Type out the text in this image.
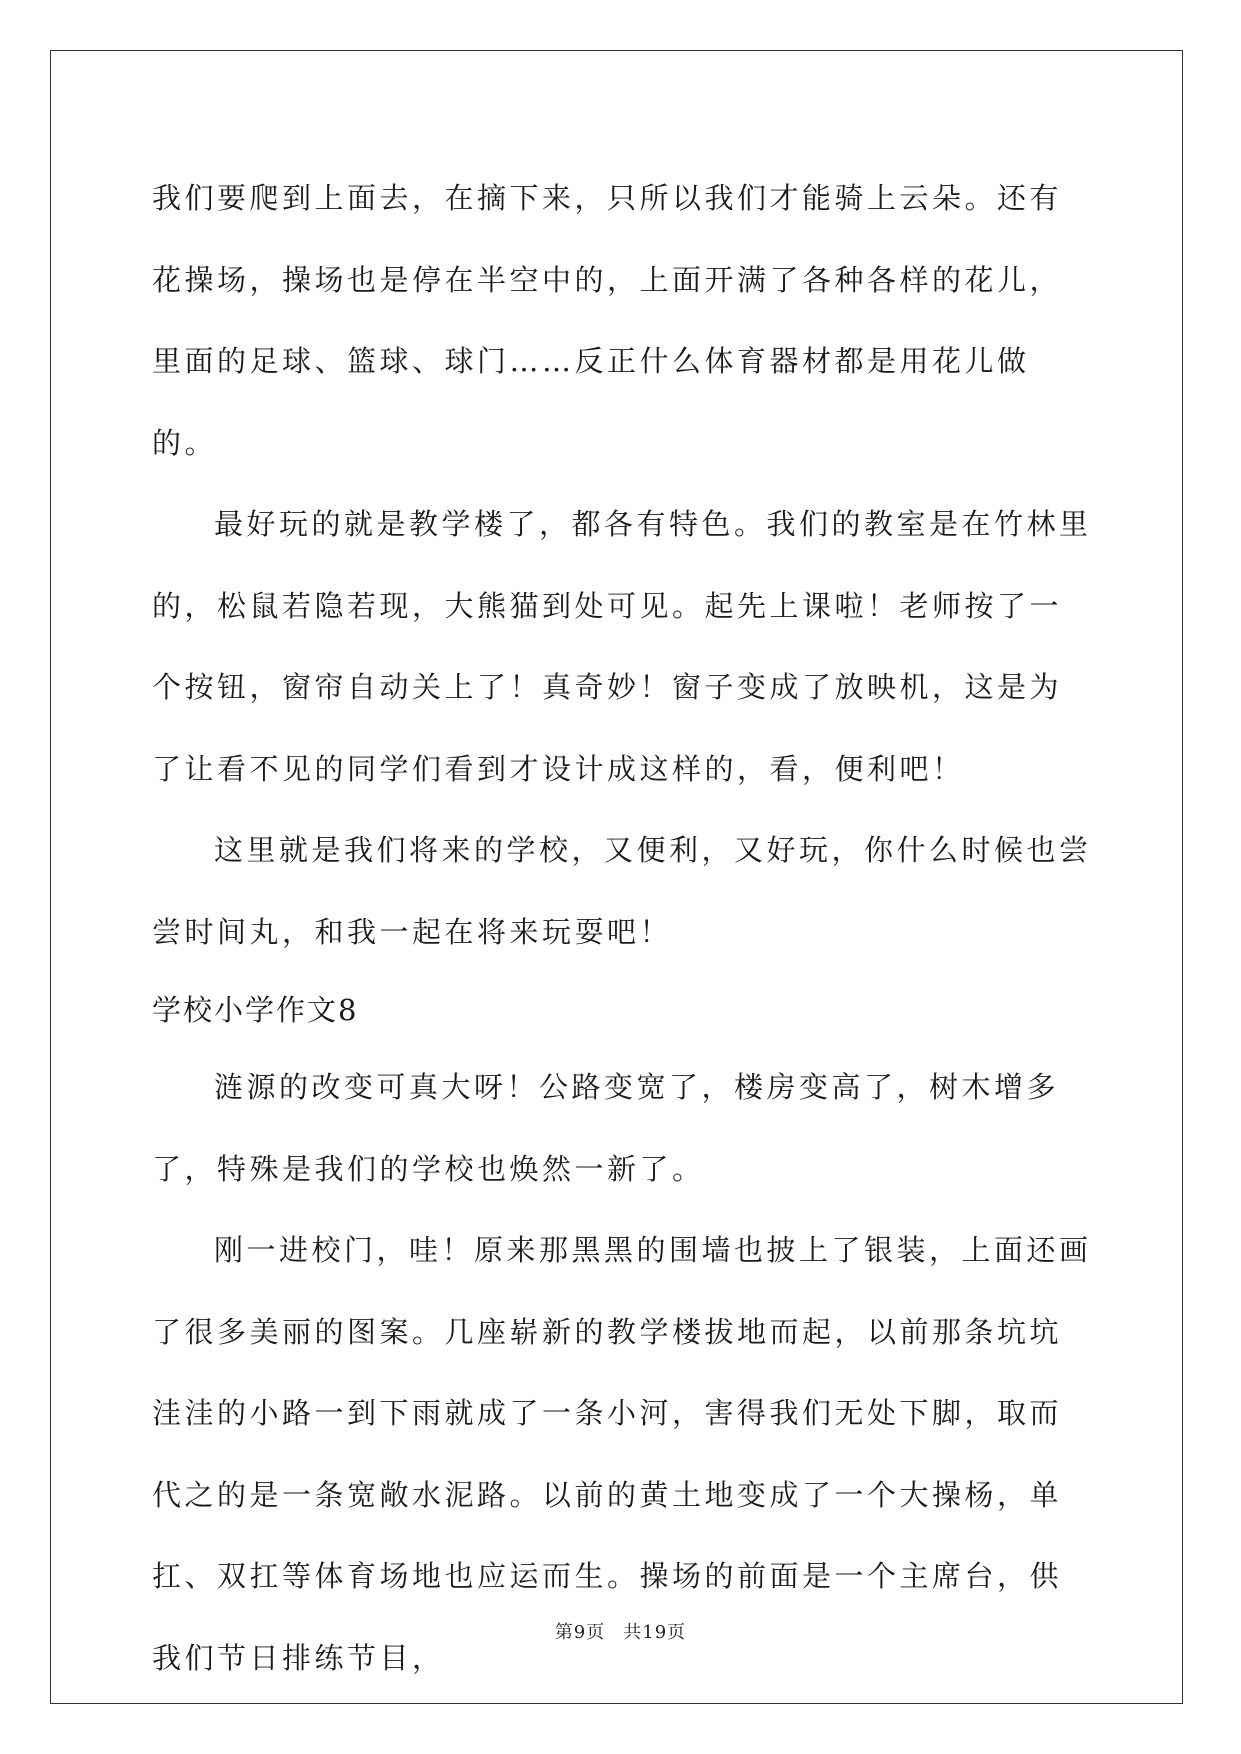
我们要爬到上面去，在摘下来，只所以我们才能骑上云朵。还有花操场，操场也是停在半空中的，上面开满了各种各样的花儿，里面的足球、篮球、球门……反正什么体育器材都是用花儿做的。

最好玩的就是教学楼了，都各有特色。我们的教室是在竹林里的，松鼠若隐若现，大熊猫到处可见。起先上课啦！老师按了一个按钮，窗帘自动关上了！真奇妙！窗子变成了放映机，这是为了让看不见的同学们看到才设计成这样的，看，便利吧！

这里就是我们将来的学校，又便利，又好玩，你什么时候也尝尝时间丸，和我一起在将来玩耍吧！

学校小学作文8

涟源的改变可真大呀！公路变宽了，楼房变高了，树木增多了，特殊是我们的学校也焕然一新了。

刚一进校门，哇！原来那黑黑的围墙也披上了银装，上面还画了很多美丽的图案。几座崭新的教学楼拔地而起，以前那条坑坑洼洼的小路一到下雨就成了一条小河，害得我们无处下脚，取而代之的是一条宽敞水泥路。以前的黄土地变成了一个大操杨，单扛、双扛等体育场地也应运而生。操场的前面是一个主席台，供我们节日排练节目，

第9页 共19页
